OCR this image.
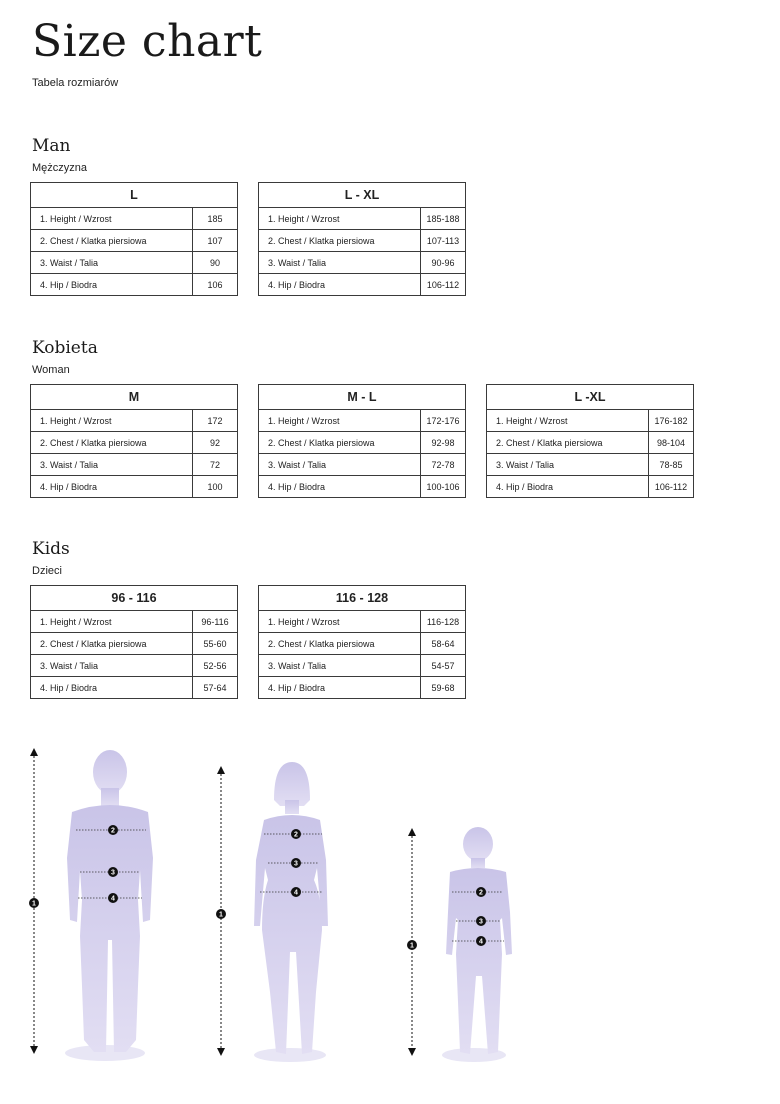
Size chart
Tabela rozmiarów
Man
Mężczyzna
L	
1. Height / Wzrost	185
2. Chest / Klatka piersiowa	107
3. Waist / Talia	90
4. Hip / Biodra	106
L - XL	
1. Height / Wzrost	185-188
2. Chest / Klatka piersiowa	107-113
3. Waist / Talia	90-96
4. Hip / Biodra	106-112
Kobieta
Woman
M	
1. Height / Wzrost	172
2. Chest / Klatka piersiowa	92
3. Waist / Talia	72
4. Hip / Biodra	100
M - L	
1. Height / Wzrost	172-176
2. Chest / Klatka piersiowa	92-98
3. Waist / Talia	72-78
4. Hip / Biodra	100-106
L -XL	
1. Height / Wzrost	176-182
2. Chest / Klatka piersiowa	98-104
3. Waist / Talia	78-85
4. Hip / Biodra	106-112
Kids
Dzieci
96 - 116	
1. Height / Wzrost	96-116
2. Chest / Klatka piersiowa	55-60
3. Waist / Talia	52-56
4. Hip / Biodra	57-64
116 - 128	
1. Height / Wzrost	116-128
2. Chest / Klatka piersiowa	58-64
3. Waist / Talia	54-57
4. Hip / Biodra	59-68
1
2
3
4
1
2
3
4
1
2
3
4
